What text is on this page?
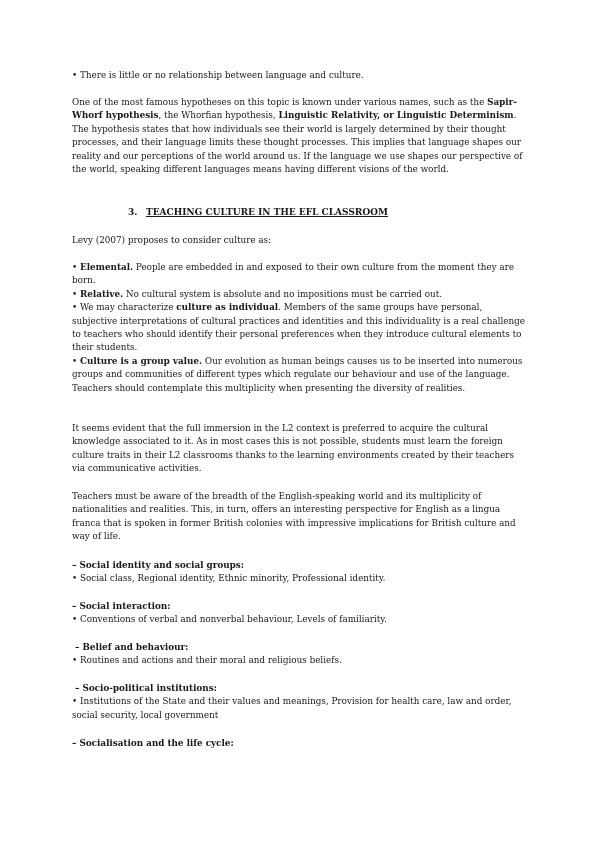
• There is little or no relationship between language and culture.

One of the most famous hypotheses on this topic is known under various names, such as the Sapir-Whorf hypothesis, the Whorfian hypothesis, Linguistic Relativity, or Linguistic Determinism. The hypothesis states that how individuals see their world is largely determined by their thought processes, and their language limits these thought processes. This implies that language shapes our reality and our perceptions of the world around us. If the language we use shapes our perspective of the world, speaking different languages means having different visions of the world.

3. TEACHING CULTURE IN THE EFL CLASSROOM

Levy (2007) proposes to consider culture as:

• Elemental. People are embedded in and exposed to their own culture from the moment they are born.

• Relative. No cultural system is absolute and no impositions must be carried out.

• We may characterize culture as individual. Members of the same groups have personal, subjective interpretations of cultural practices and identities and this individuality is a real challenge to teachers who should identify their personal preferences when they introduce cultural elements to their students.

• Culture is a group value. Our evolution as human beings causes us to be inserted into numerous groups and communities of different types which regulate our behaviour and use of the language. Teachers should contemplate this multiplicity when presenting the diversity of realities.

It seems evident that the full immersion in the L2 context is preferred to acquire the cultural knowledge associated to it. As in most cases this is not possible, students must learn the foreign culture traits in their L2 classrooms thanks to the learning environments created by their teachers via communicative activities.

Teachers must be aware of the breadth of the English-speaking world and its multiplicity of nationalities and realities. This, in turn, offers an interesting perspective for English as a lingua franca that is spoken in former British colonies with impressive implications for British culture and way of life.

– Social identity and social groups:

• Social class, Regional identity, Ethnic minority, Professional identity.

– Social interaction:

• Conventions of verbal and nonverbal behaviour, Levels of familiarity.

– Belief and behaviour:

• Routines and actions and their moral and religious beliefs.

– Socio-political institutions:

• Institutions of the State and their values and meanings, Provision for health care, law and order, social security, local government

– Socialisation and the life cycle:
